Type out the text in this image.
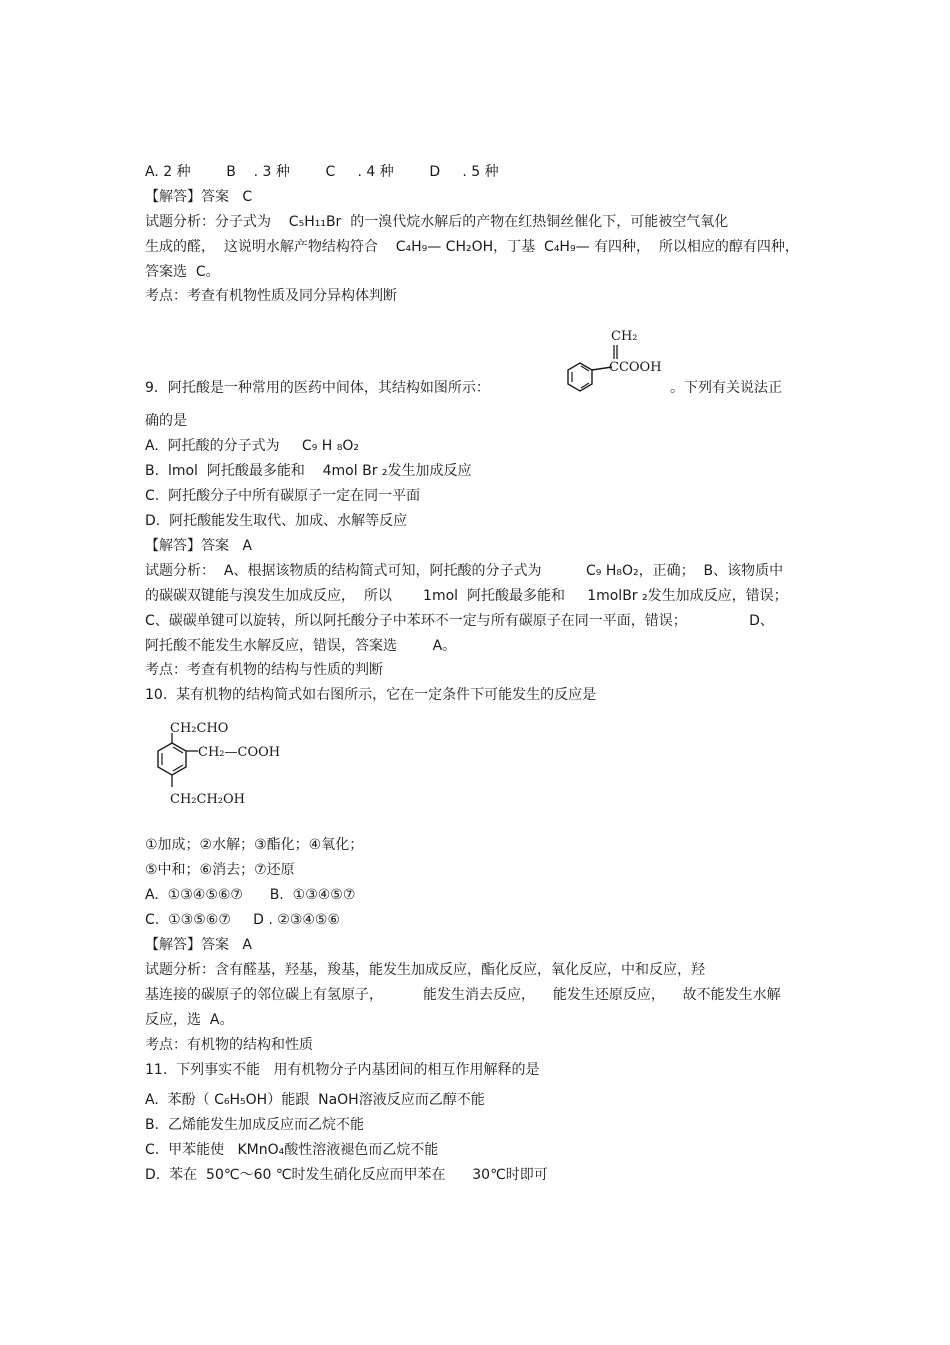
A. 2 种        B    . 3 种        C     . 4 种        D     . 5 种
【解答】答案   C
试题分析：分子式为    C₅H₁₁Br  的一溴代烷水解后的产物在红热铜丝催化下，可能被空气氧化
生成的醛，  这说明水解产物结构符合    C₄H₉— CH₂OH，丁基  C₄H₉— 有四种，  所以相应的醇有四种，
答案选  C。
考点：考查有机物性质及同分异构体判断
9．阿托酸是一种常用的医药中间体，其结构如图所示：
CH₂
CCOOH
。下列有关说法正
确的是
A.  阿托酸的分子式为     C₉ H ₈O₂
B.  lmol  阿托酸最多能和    4mol Br ₂发生加成反应
C.  阿托酸分子中所有碳原子一定在同一平面
D.  阿托酸能发生取代、加成、水解等反应
【解答】答案   A
试题分析：  A、根据该物质的结构简式可知，阿托酸的分子式为          C₉ H₈O₂，正确；  B、该物质中
的碳碳双键能与溴发生加成反应，  所以       1mol  阿托酸最多能和     1molBr ₂发生加成反应，错误；
C、碳碳单键可以旋转，所以阿托酸分子中苯环不一定与所有碳原子在同一平面，错误；              D、
阿托酸不能发生水解反应，错误，答案选        A。
考点：考查有机物的结构与性质的判断
10.  某有机物的结构简式如右图所示，它在一定条件下可能发生的反应是
CH₂CHO
CH₂—COOH
CH₂CH₂OH
①加成；②水解；③酯化；④氧化；
⑤中和；⑥消去；⑦还原
A.  ①③④⑤⑥⑦      B.  ①③④⑤⑦
C.  ①③⑤⑥⑦     D . ②③④⑤⑥
【解答】答案   A
试题分析：含有醛基，羟基，羧基，能发生加成反应，酯化反应，氧化反应，中和反应，羟
基连接的碳原子的邻位碳上有氢原子，         能发生消去反应，    能发生还原反应，    故不能发生水解
反应，选  A。
考点：有机物的结构和性质
11.  下列事实不能   用有机物分子内基团间的相互作用解释的是
A.  苯酚（ C₆H₅OH）能跟  NaOH溶液反应而乙醇不能
B.  乙烯能发生加成反应而乙烷不能
C.  甲苯能使   KMnO₄酸性溶液褪色而乙烷不能
D.  苯在  50℃～60 ℃时发生硝化反应而甲苯在      30℃时即可
